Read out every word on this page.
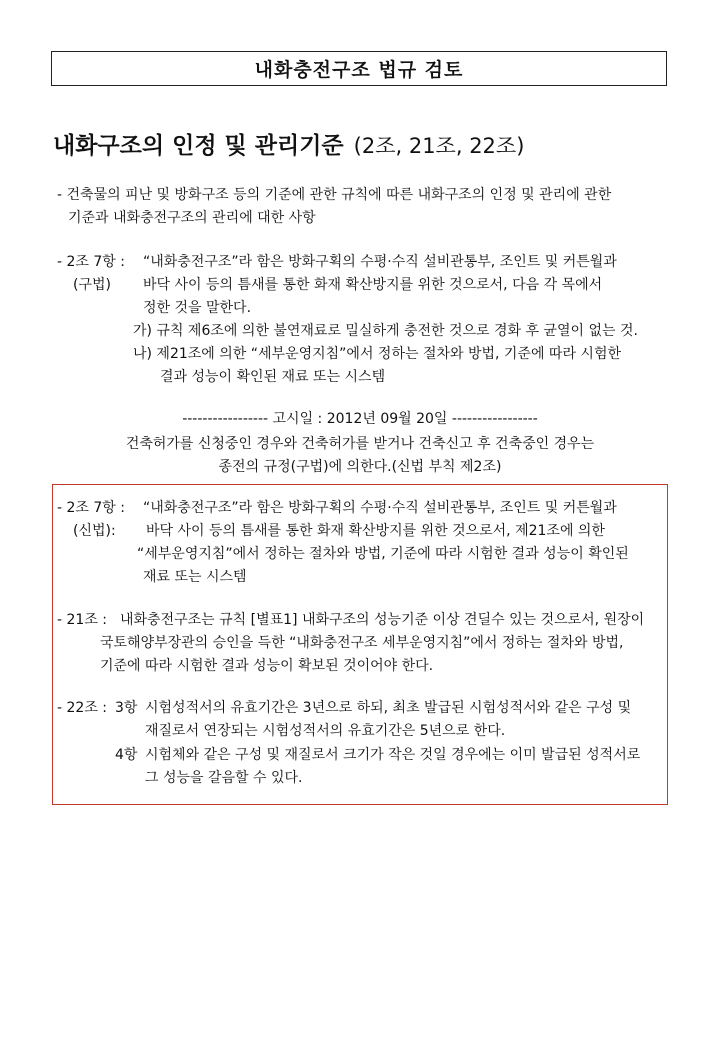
내화충전구조 법규 검토
내화구조의 인정 및 관리기준 (2조, 21조, 22조)
- 건축물의 피난 및 방화구조 등의 기준에 관한 규칙에 따른 내화구조의 인정 및 관리에 관한
기준과 내화충전구조의 관리에 대한 사항
- 2조 7항 :
(구법)
“내화충전구조”라 함은 방화구획의 수평·수직 설비관통부, 조인트 및 커튼월과
바닥 사이 등의 틈새를 통한 화재 확산방지를 위한 것으로서, 다음 각 목에서
정한 것을 말한다.
가) 규칙 제6조에 의한 불연재료로 밀실하게 충전한 것으로 경화 후 균열이 없는 것.
나) 제21조에 의한 “세부운영지침”에서 정하는 절차와 방법, 기준에 따라 시험한
결과 성능이 확인된 재료 또는 시스템
----------------- 고시일 : 2012년 09월 20일 -----------------
건축허가를 신청중인 경우와 건축허가를 받거나 건축신고 후 건축중인 경우는
종전의 규정(구법)에 의한다.(신법 부칙 제2조)
- 2조 7항 :
(신법):
“내화충전구조”라 함은 방화구획의 수평·수직 설비관통부, 조인트 및 커튼월과
바닥 사이 등의 틈새를 통한 화재 확산방지를 위한 것으로서, 제21조에 의한
“세부운영지침”에서 정하는 절차와 방법, 기준에 따라 시험한 결과 성능이 확인된
재료 또는 시스템
- 21조 : 내화충전구조는 규칙 [별표1] 내화구조의 성능기준 이상 견딜수 있는 것으로서, 원장이
국토해양부장관의 승인을 득한 “내화충전구조 세부운영지침”에서 정하는 절차와 방법,
기준에 따라 시험한 결과 성능이 확보된 것이어야 한다.
- 22조 : 3항 시험성적서의 유효기간은 3년으로 하되, 최초 발급된 시험성적서와 같은 구성 및
재질로서 연장되는 시험성적서의 유효기간은 5년으로 한다.
4항 시험체와 같은 구성 및 재질로서 크기가 작은 것일 경우에는 이미 발급된 성적서로
그 성능을 갈음할 수 있다.
